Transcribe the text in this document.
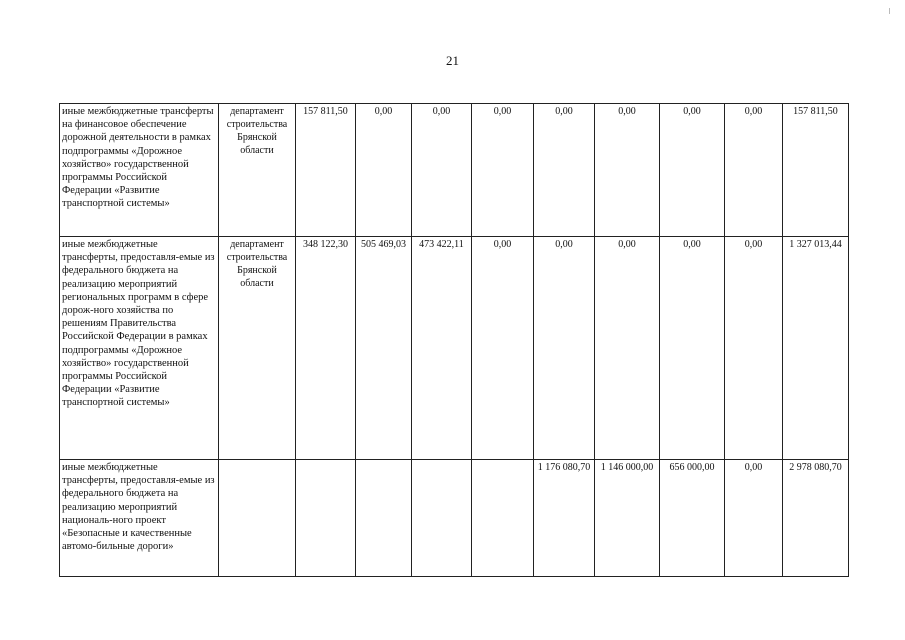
21
иные межбюджетные трансферты на финансовое обеспечение дорожной деятельности в рамках подпрограммы «Дорожное хозяйство» государственной программы Российской Федерации «Развитие транспортной системы»	департамент строительства Брянской области	157 811,50	0,00	0,00	0,00	0,00	0,00	0,00	0,00	157 811,50
иные межбюджетные трансферты, предоставля-емые из федерального бюджета на реализацию мероприятий региональных программ в сфере дорож-ного хозяйства по решениям Правительства Российской Федерации в рамках подпрограммы «Дорожное хозяйство» государственной программы Российской Федерации «Развитие транспортной системы»	департамент строительства Брянской области	348 122,30	505 469,03	473 422,11	0,00	0,00	0,00	0,00	0,00	1 327 013,44
иные межбюджетные трансферты, предоставля-емые из федерального бюджета на реализацию мероприятий националь-ного проект «Безопасные и качественные автомо-бильные дороги»						1 176 080,70	1 146 000,00	656 000,00	0,00	2 978 080,70
